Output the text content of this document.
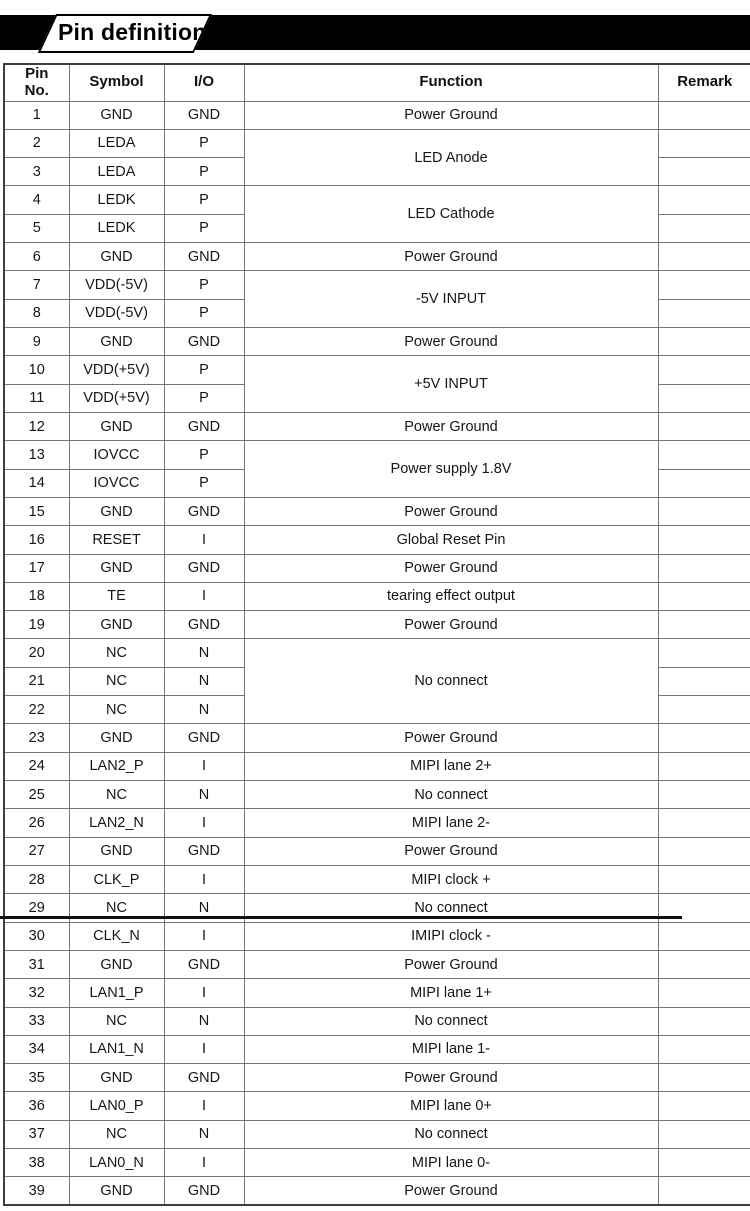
Pin definition
Pin
No.	Symbol	I/O	Function	Remark
1	GND	GND	Power Ground	
2	LEDA	P	LED Anode	
3	LEDA	P		
4	LEDK	P	LED Cathode	
5	LEDK	P		
6	GND	GND	Power Ground	
7	VDD(-5V)	P	-5V INPUT	
8	VDD(-5V)	P		
9	GND	GND	Power Ground	
10	VDD(+5V)	P	+5V INPUT	
11	VDD(+5V)	P		
12	GND	GND	Power Ground	
13	IOVCC	P	Power supply 1.8V	
14	IOVCC	P		
15	GND	GND	Power Ground	
16	RESET	I	Global Reset Pin	
17	GND	GND	Power Ground	
18	TE	I	tearing effect output	
19	GND	GND	Power Ground	
20	NC	N	No connect	
21	NC	N		
22	NC	N		
23	GND	GND	Power Ground	
24	LAN2_P	I	MIPI lane 2+	
25	NC	N	No connect	
26	LAN2_N	I	MIPI lane 2-	
27	GND	GND	Power Ground	
28	CLK_P	I	MIPI clock +	
29	NC	N	No connect	
30	CLK_N	I	IMIPI clock -	
31	GND	GND	Power Ground	
32	LAN1_P	I	MIPI lane 1+	
33	NC	N	No connect	
34	LAN1_N	I	MIPI lane 1-	
35	GND	GND	Power Ground	
36	LAN0_P	I	MIPI lane 0+	
37	NC	N	No connect	
38	LAN0_N	I	MIPI lane 0-	
39	GND	GND	Power Ground	
